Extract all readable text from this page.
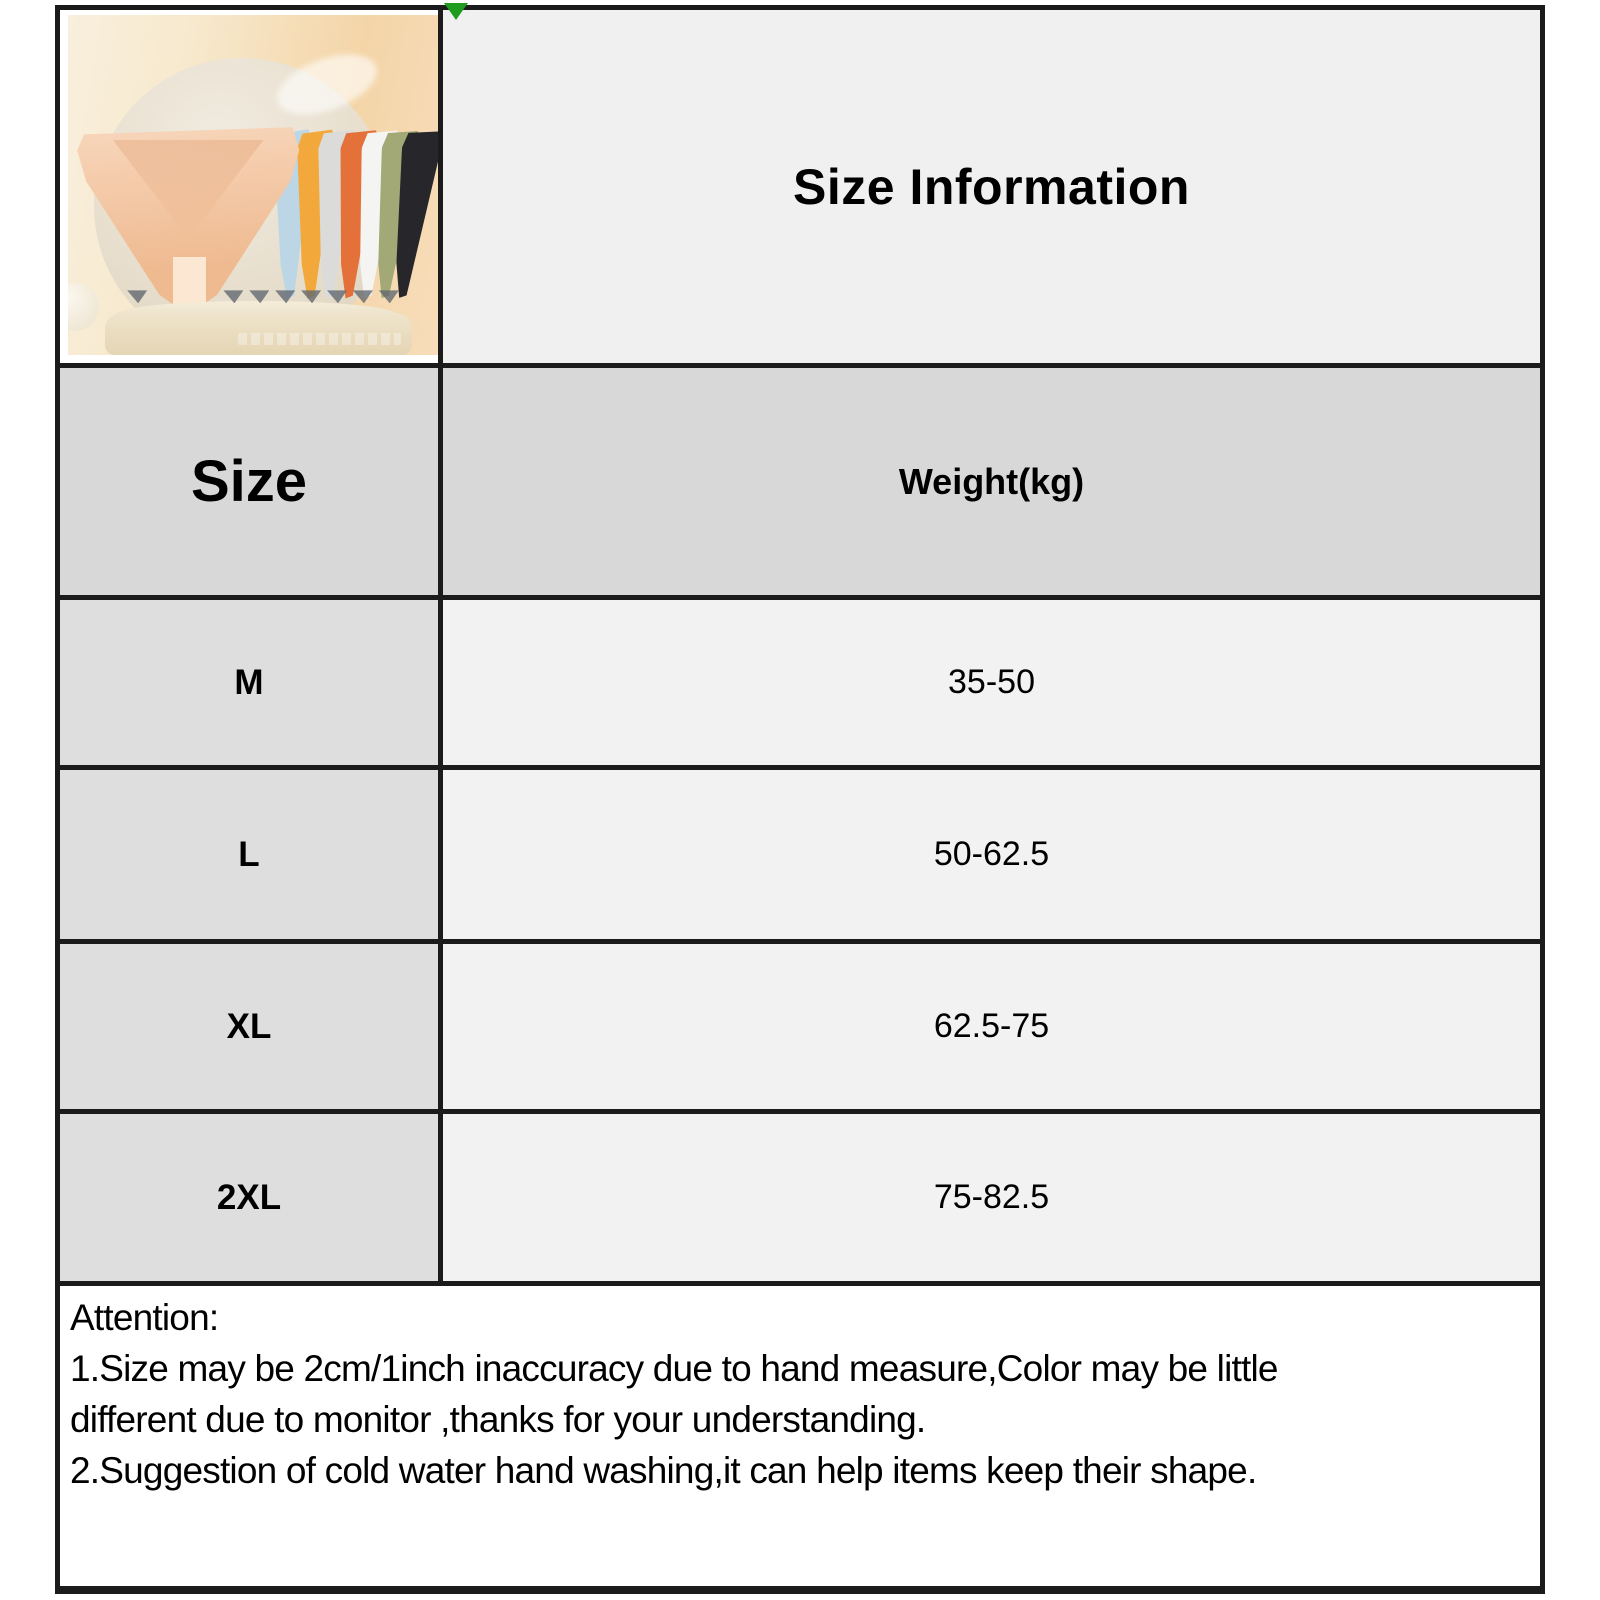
Size Information
Size	Weight(kg)
M	35-50
L	50-62.5
XL	62.5-75
2XL	75-82.5
Attention:
1.Size may be 2cm/1inch inaccuracy due to hand measure,Color may be little
different due to monitor ,thanks for your understanding.
2.Suggestion of cold water hand washing,it can help items keep their shape.
